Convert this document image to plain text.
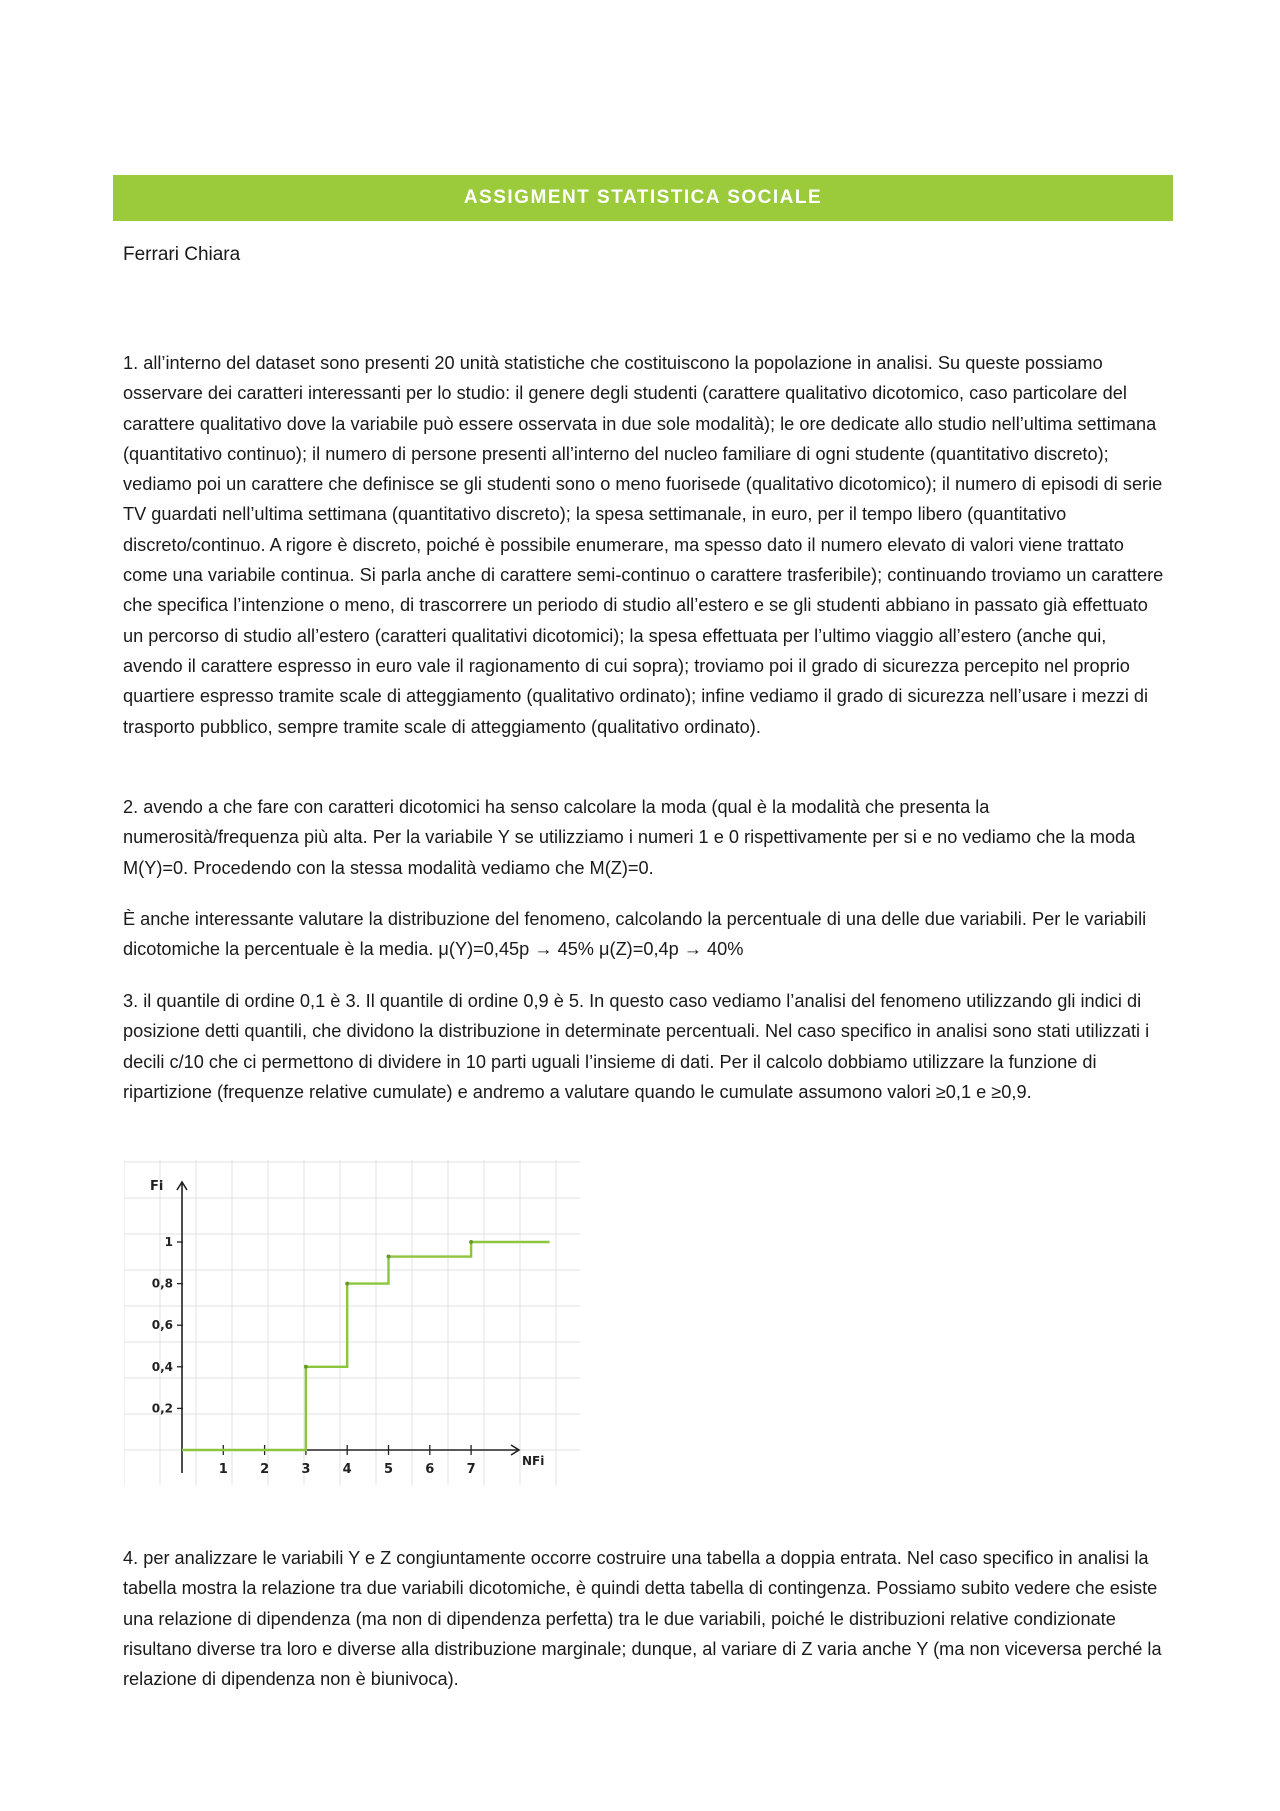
ASSIGMENT STATISTICA SOCIALE
Ferrari Chiara

1. all’interno del dataset sono presenti 20 unità statistiche che costituiscono la popolazione in analisi. Su queste possiamo osservare dei caratteri interessanti per lo studio: il genere degli studenti (carattere qualitativo dicotomico, caso particolare del carattere qualitativo dove la variabile può essere osservata in due sole modalità); le ore dedicate allo studio nell’ultima settimana (quantitativo continuo); il numero di persone presenti all’interno del nucleo familiare di ogni studente (quantitativo discreto); vediamo poi un carattere che definisce se gli studenti sono o meno fuorisede (qualitativo dicotomico); il numero di episodi di serie TV guardati nell’ultima settimana (quantitativo discreto); la spesa settimanale, in euro, per il tempo libero (quantitativo discreto/continuo. A rigore è discreto, poiché è possibile enumerare, ma spesso dato il numero elevato di valori viene trattato come una variabile continua. Si parla anche di carattere semi-continuo o carattere trasferibile); continuando troviamo un carattere che specifica l’intenzione o meno, di trascorrere un periodo di studio all’estero e se gli studenti abbiano in passato già effettuato un percorso di studio all’estero (caratteri qualitativi dicotomici); la spesa effettuata per l’ultimo viaggio all’estero (anche qui, avendo il carattere espresso in euro vale il ragionamento di cui sopra); troviamo poi il grado di sicurezza percepito nel proprio quartiere espresso tramite scale di atteggiamento (qualitativo ordinato); infine vediamo il grado di sicurezza nell’usare i mezzi di trasporto pubblico, sempre tramite scale di atteggiamento (qualitativo ordinato).

2. avendo a che fare con caratteri dicotomici ha senso calcolare la moda (qual è la modalità che presenta la numerosità/frequenza più alta. Per la variabile Y se utilizziamo i numeri 1 e 0 rispettivamente per si e no vediamo che la moda M(Y)=0. Procedendo con la stessa modalità vediamo che M(Z)=0.

È anche interessante valutare la distribuzione del fenomeno, calcolando la percentuale di una delle due variabili. Per le variabili dicotomiche la percentuale è la media. μ(Y)=0,45p → 45% μ(Z)=0,4p → 40%

3. il quantile di ordine 0,1 è 3. Il quantile di ordine 0,9 è 5. In questo caso vediamo l’analisi del fenomeno utilizzando gli indici di posizione detti quantili, che dividono la distribuzione in determinate percentuali. Nel caso specifico in analisi sono stati utilizzati i decili c/10 che ci permettono di dividere in 10 parti uguali l’insieme di dati. Per il calcolo dobbiamo utilizzare la funzione di ripartizione (frequenze relative cumulate) e andremo a valutare quando le cumulate assumono valori ≥0,1 e ≥0,9.

Fi
NFi
1 2 3 4 5 6 7
0,2
0,4
0,6
0,8
1

4. per analizzare le variabili Y e Z congiuntamente occorre costruire una tabella a doppia entrata. Nel caso specifico in analisi la tabella mostra la relazione tra due variabili dicotomiche, è quindi detta tabella di contingenza. Possiamo subito vedere che esiste una relazione di dipendenza (ma non di dipendenza perfetta) tra le due variabili, poiché le distribuzioni relative condizionate risultano diverse tra loro e diverse alla distribuzione marginale; dunque, al variare di Z varia anche Y (ma non viceversa perché la relazione di dipendenza non è biunivoca).
